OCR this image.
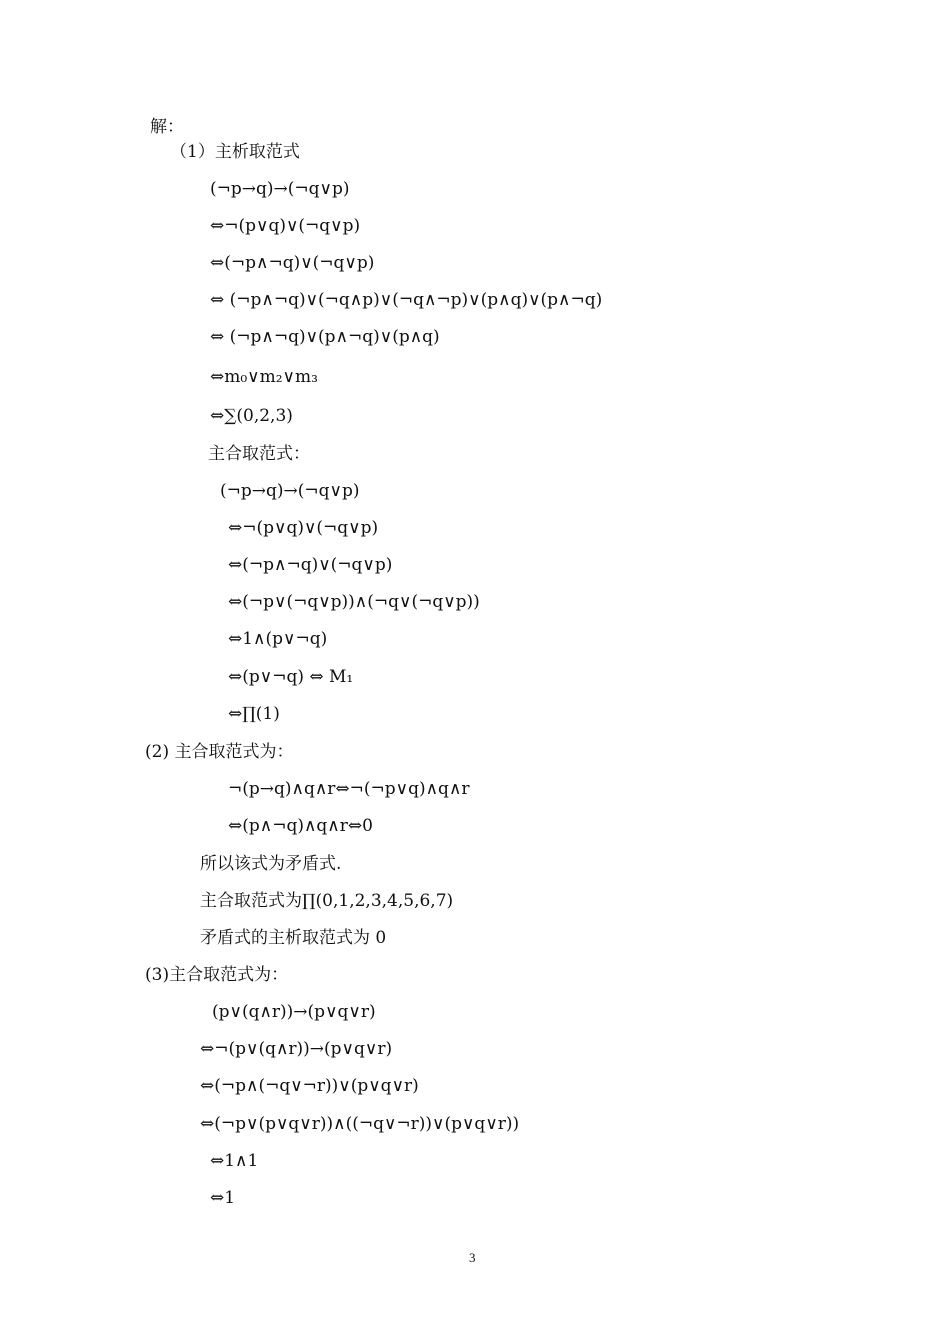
解：
（1）主析取范式
(¬p→q)→(¬q∨p)
⇔¬(p∨q)∨(¬q∨p)
⇔(¬p∧¬q)∨(¬q∨p)
⇔ (¬p∧¬q)∨(¬q∧p)∨(¬q∧¬p)∨(p∧q)∨(p∧¬q)
⇔ (¬p∧¬q)∨(p∧¬q)∨(p∧q)
⇔m₀∨m₂∨m₃
⇔∑(0,2,3)
主合取范式：
(¬p→q)→(¬q∨p)
⇔¬(p∨q)∨(¬q∨p)
⇔(¬p∧¬q)∨(¬q∨p)
⇔(¬p∨(¬q∨p))∧(¬q∨(¬q∨p))
⇔1∧(p∨¬q)
⇔(p∨¬q) ⇔ M₁
⇔∏(1)
(2) 主合取范式为：
¬(p→q)∧q∧r⇔¬(¬p∨q)∧q∧r
⇔(p∧¬q)∧q∧r⇔0
所以该式为矛盾式.
主合取范式为∏(0,1,2,3,4,5,6,7)
矛盾式的主析取范式为 0
(3)主合取范式为：
(p∨(q∧r))→(p∨q∨r)
⇔¬(p∨(q∧r))→(p∨q∨r)
⇔(¬p∧(¬q∨¬r))∨(p∨q∨r)
⇔(¬p∨(p∨q∨r))∧((¬q∨¬r))∨(p∨q∨r))
⇔1∧1
⇔1
3
